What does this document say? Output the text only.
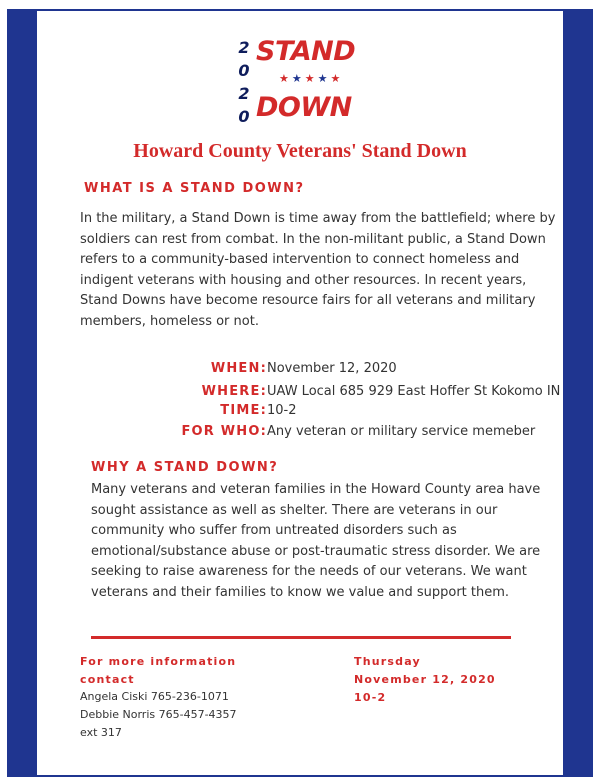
2
0
2
0
STAND
★★★★★
DOWN
Howard County Veterans' Stand Down
WHAT IS A STAND DOWN?

In the military, a Stand Down is time away from the battlefield; where by soldiers can rest from combat. In the non-militant public, a Stand Down refers to a community-based intervention to connect homeless and indigent veterans with housing and other resources. In recent years, Stand Downs have become resource fairs for all veterans and military members, homeless or not.

WHEN: November 12, 2020
WHERE: UAW Local 685 929 East Hoffer St Kokomo IN
TIME: 10-2
FOR WHO: Any veteran or military service memeber
WHY A STAND DOWN?

Many veterans and veteran families in the Howard County area have sought assistance as well as shelter. There are veterans in our community who suffer from untreated disorders such as emotional/substance abuse or post-traumatic stress disorder. We are seeking to raise awareness for the needs of our veterans. We want veterans and their families to know we value and support them.

For more information contact
Angela Ciski 765-236-1071
Debbie Norris 765-457-4357
ext 317
Thursday
November 12, 2020
10-2
